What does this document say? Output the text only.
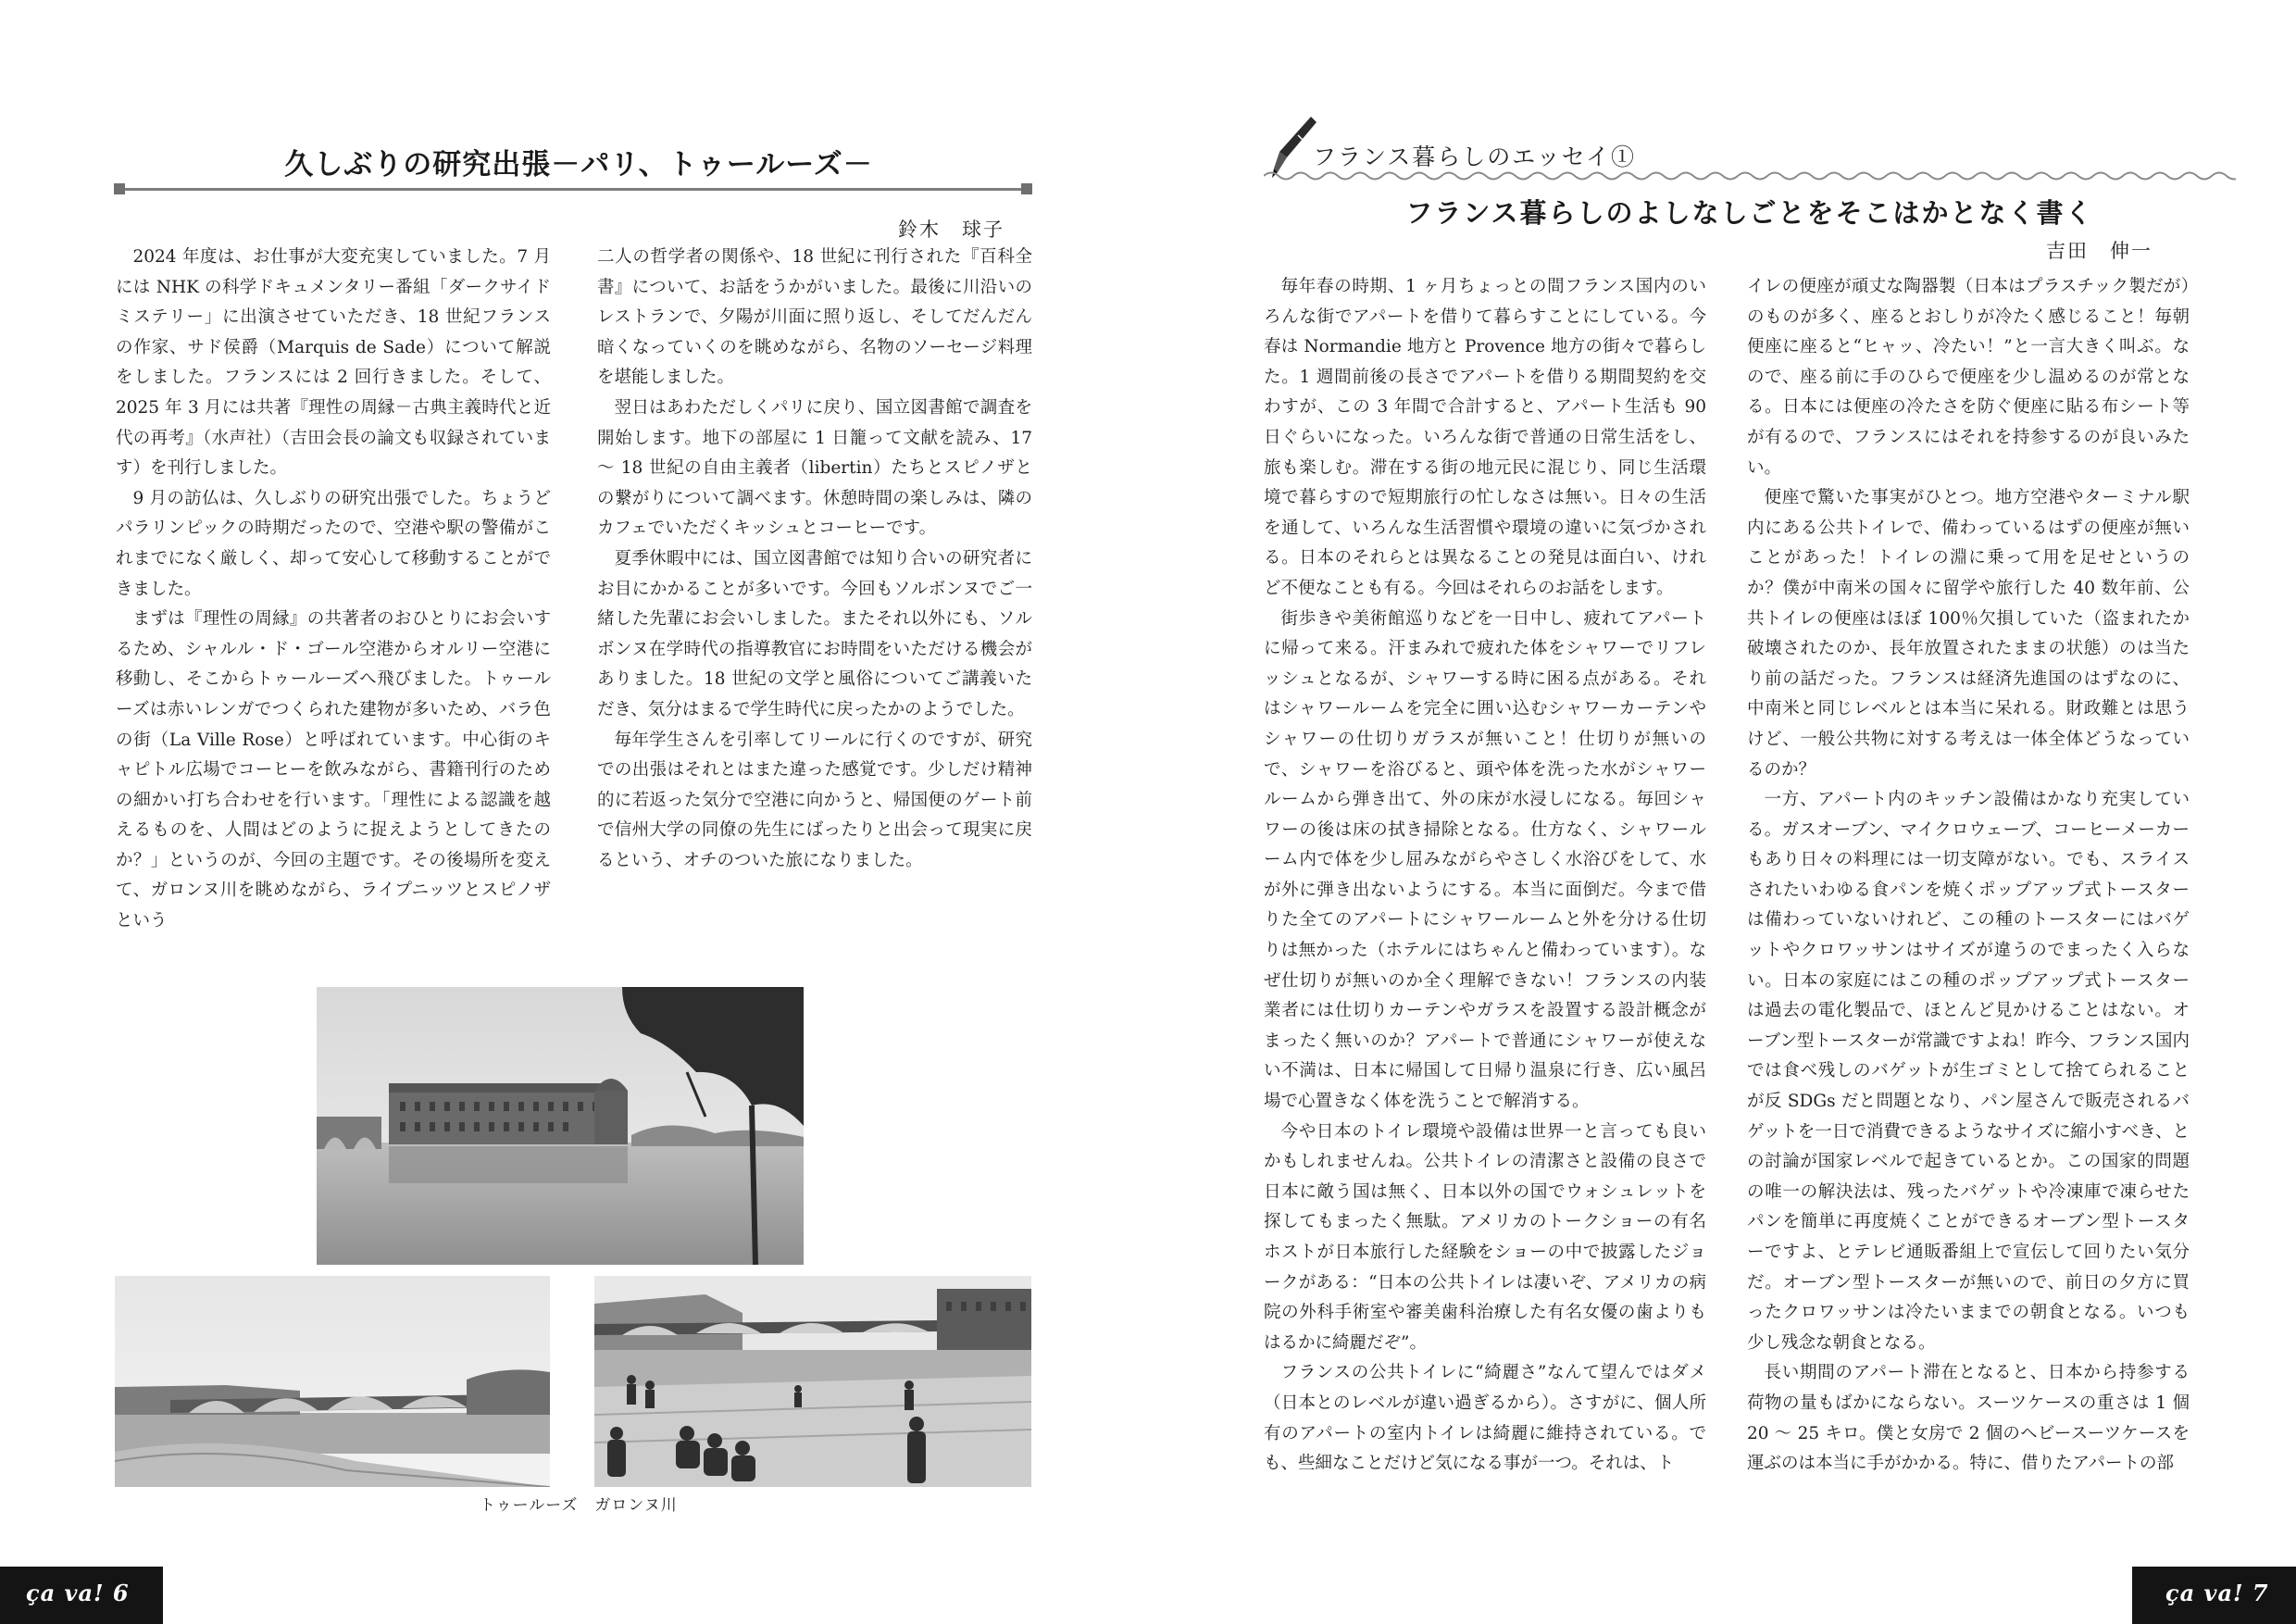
久しぶりの研究出張－パリ、トゥールーズ－
鈴木　球子

2024 年度は、お仕事が大変充実していました。7 月には NHK の科学ドキュメンタリー番組「ダークサイドミステリー」に出演させていただき、18 世紀フランスの作家、サド侯爵（Marquis de Sade）について解説をしました。フランスには 2 回行きました。そして、2025 年 3 月には共著『理性の周縁－古典主義時代と近代の再考』（水声社）（吉田会長の論文も収録されています）を刊行しました。

9 月の訪仏は、久しぶりの研究出張でした。ちょうどパラリンピックの時期だったので、空港や駅の警備がこれまでになく厳しく、却って安心して移動することができました。

まずは『理性の周縁』の共著者のおひとりにお会いするため、シャルル・ド・ゴール空港からオルリー空港に移動し、そこからトゥールーズへ飛びました。トゥールーズは赤いレンガでつくられた建物が多いため、バラ色の街（La Ville Rose）と呼ばれています。中心街のキャピトル広場でコーヒーを飲みながら、書籍刊行のための細かい打ち合わせを行います。「理性による認識を越えるものを、人間はどのように捉えようとしてきたのか？」というのが、今回の主題です。その後場所を変えて、ガロンヌ川を眺めながら、ライプニッツとスピノザという

二人の哲学者の関係や、18 世紀に刊行された『百科全書』について、お話をうかがいました。最後に川沿いのレストランで、夕陽が川面に照り返し、そしてだんだん暗くなっていくのを眺めながら、名物のソーセージ料理を堪能しました。

翌日はあわただしくパリに戻り、国立図書館で調査を開始します。地下の部屋に 1 日籠って文献を読み、17 ～ 18 世紀の自由主義者（libertin）たちとスピノザとの繋がりについて調べます。休憩時間の楽しみは、隣のカフェでいただくキッシュとコーヒーです。

夏季休暇中には、国立図書館では知り合いの研究者にお目にかかることが多いです。今回もソルボンヌでご一緒した先輩にお会いしました。またそれ以外にも、ソルボンヌ在学時代の指導教官にお時間をいただける機会がありました。18 世紀の文学と風俗についてご講義いただき、気分はまるで学生時代に戻ったかのようでした。

毎年学生さんを引率してリールに行くのですが、研究での出張はそれとはまた違った感覚です。少しだけ精神的に若返った気分で空港に向かうと、帰国便のゲート前で信州大学の同僚の先生にばったりと出会って現実に戻るという、オチのついた旅になりました。

トゥールーズ　ガロンヌ川
ça va! 6
フランス暮らしのエッセイ①
フランス暮らしのよしなしごとをそこはかとなく書く
吉田　伸一

毎年春の時期、1 ヶ月ちょっとの間フランス国内のいろんな街でアパートを借りて暮らすことにしている。今春は Normandie 地方と Provence 地方の街々で暮らした。1 週間前後の長さでアパートを借りる期間契約を交わすが、この 3 年間で合計すると、アパート生活も 90 日ぐらいになった。いろんな街で普通の日常生活をし、旅も楽しむ。滞在する街の地元民に混じり、同じ生活環境で暮らすので短期旅行の忙しなさは無い。日々の生活を通して、いろんな生活習慣や環境の違いに気づかされる。日本のそれらとは異なることの発見は面白い、けれど不便なことも有る。今回はそれらのお話をします。

街歩きや美術館巡りなどを一日中し、疲れてアパートに帰って来る。汗まみれで疲れた体をシャワーでリフレッシュとなるが、シャワーする時に困る点がある。それはシャワールームを完全に囲い込むシャワーカーテンやシャワーの仕切りガラスが無いこと！仕切りが無いので、シャワーを浴びると、頭や体を洗った水がシャワールームから弾き出て、外の床が水浸しになる。毎回シャワーの後は床の拭き掃除となる。仕方なく、シャワールーム内で体を少し屈みながらやさしく水浴びをして、水が外に弾き出ないようにする。本当に面倒だ。今まで借りた全てのアパートにシャワールームと外を分ける仕切りは無かった（ホテルにはちゃんと備わっています）。なぜ仕切りが無いのか全く理解できない！フランスの内装業者には仕切りカーテンやガラスを設置する設計概念がまったく無いのか？アパートで普通にシャワーが使えない不満は、日本に帰国して日帰り温泉に行き、広い風呂場で心置きなく体を洗うことで解消する。

今や日本のトイレ環境や設備は世界一と言っても良いかもしれませんね。公共トイレの清潔さと設備の良さで日本に敵う国は無く、日本以外の国でウォシュレットを探してもまったく無駄。アメリカのトークショーの有名ホストが日本旅行した経験をショーの中で披露したジョークがある：“日本の公共トイレは凄いぞ、アメリカの病院の外科手術室や審美歯科治療した有名女優の歯よりもはるかに綺麗だぞ”。

フランスの公共トイレに“綺麗さ”なんて望んではダメ（日本とのレベルが違い過ぎるから）。さすがに、個人所有のアパートの室内トイレは綺麗に維持されている。でも、些細なことだけど気になる事が一つ。それは、ト

イレの便座が頑丈な陶器製（日本はプラスチック製だが）のものが多く、座るとおしりが冷たく感じること！毎朝便座に座ると“ヒャッ、冷たい！”と一言大きく叫ぶ。なので、座る前に手のひらで便座を少し温めるのが常となる。日本には便座の冷たさを防ぐ便座に貼る布シート等が有るので、フランスにはそれを持参するのが良いみたい。

便座で驚いた事実がひとつ。地方空港やターミナル駅内にある公共トイレで、備わっているはずの便座が無いことがあった！トイレの淵に乗って用を足せというのか？僕が中南米の国々に留学や旅行した 40 数年前、公共トイレの便座はほぼ 100％欠損していた（盗まれたか破壊されたのか、長年放置されたままの状態）のは当たり前の話だった。フランスは経済先進国のはずなのに、中南米と同じレベルとは本当に呆れる。財政難とは思うけど、一般公共物に対する考えは一体全体どうなっているのか？

一方、アパート内のキッチン設備はかなり充実している。ガスオーブン、マイクロウェーブ、コーヒーメーカーもあり日々の料理には一切支障がない。でも、スライスされたいわゆる食パンを焼くポップアップ式トースターは備わっていないけれど、この種のトースターにはバゲットやクロワッサンはサイズが違うのでまったく入らない。日本の家庭にはこの種のポップアップ式トースターは過去の電化製品で、ほとんど見かけることはない。オーブン型トースターが常識ですよね！昨今、フランス国内では食べ残しのバゲットが生ゴミとして捨てられることが反 SDGs だと問題となり、パン屋さんで販売されるバゲットを一日で消費できるようなサイズに縮小すべき、との討論が国家レベルで起きているとか。この国家的問題の唯一の解決法は、残ったバゲットや冷凍庫で凍らせたパンを簡単に再度焼くことができるオーブン型トースターですよ、とテレビ通販番組上で宣伝して回りたい気分だ。オーブン型トースターが無いので、前日の夕方に買ったクロワッサンは冷たいままでの朝食となる。いつも少し残念な朝食となる。

長い期間のアパート滞在となると、日本から持参する荷物の量もばかにならない。スーツケースの重さは 1 個 20 ～ 25 キロ。僕と女房で 2 個のヘビースーツケースを運ぶのは本当に手がかかる。特に、借りたアパートの部

ça va! 7
